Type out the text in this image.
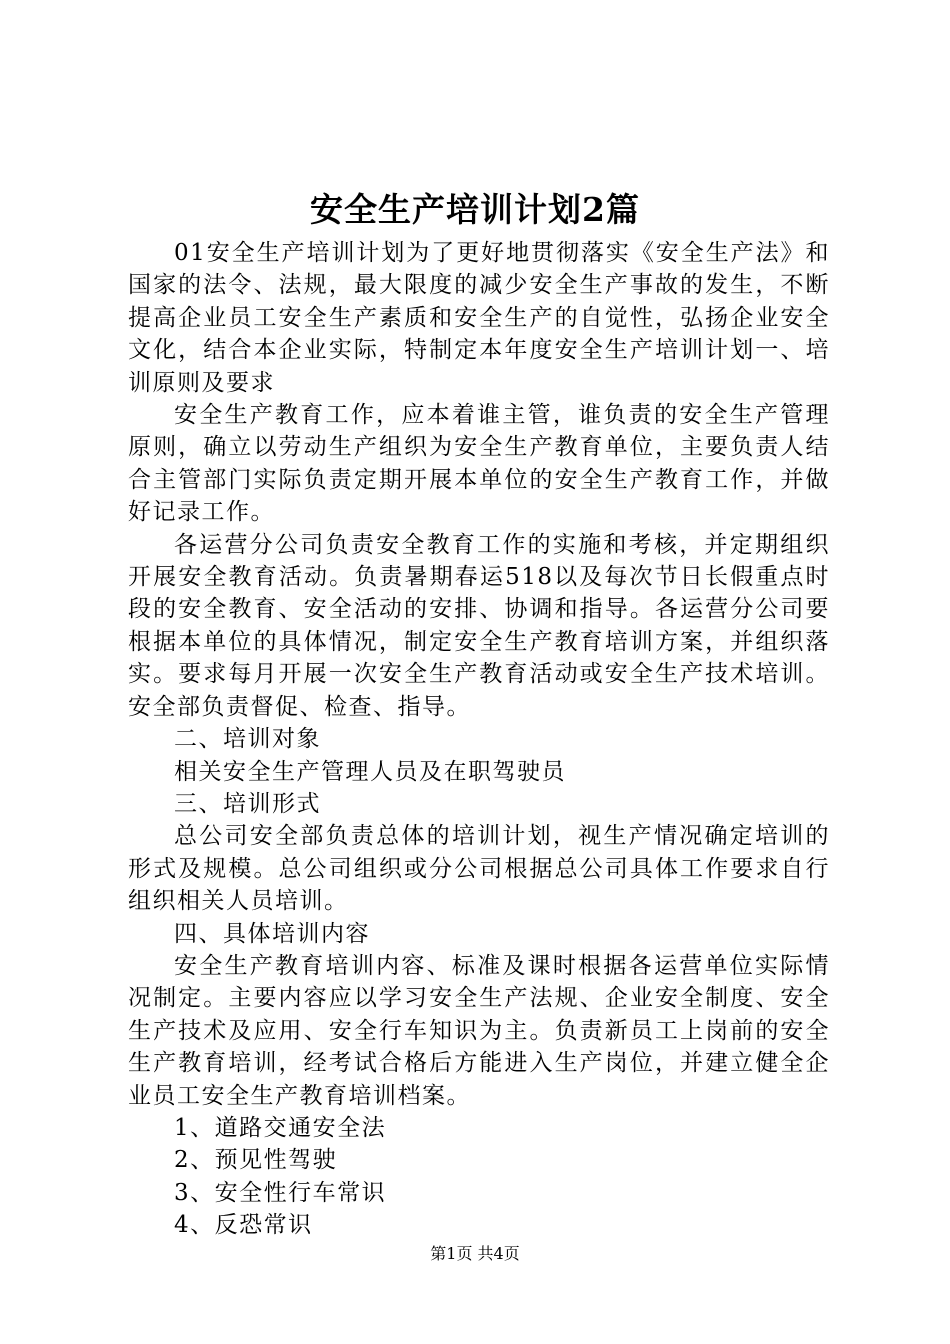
安全生产培训计划2篇

01安全生产培训计划为了更好地贯彻落实《安全生产法》和国家的法令、法规，最大限度的减少安全生产事故的发生，不断提高企业员工安全生产素质和安全生产的自觉性，弘扬企业安全文化，结合本企业实际，特制定本年度安全生产培训计划一、培训原则及要求

安全生产教育工作，应本着谁主管，谁负责的安全生产管理原则，确立以劳动生产组织为安全生产教育单位，主要负责人结合主管部门实际负责定期开展本单位的安全生产教育工作，并做好记录工作。

各运营分公司负责安全教育工作的实施和考核，并定期组织开展安全教育活动。负责暑期春运518以及每次节日长假重点时段的安全教育、安全活动的安排、协调和指导。各运营分公司要根据本单位的具体情况，制定安全生产教育培训方案，并组织落实。要求每月开展一次安全生产教育活动或安全生产技术培训。安全部负责督促、检查、指导。

二、培训对象

相关安全生产管理人员及在职驾驶员

三、培训形式

总公司安全部负责总体的培训计划，视生产情况确定培训的形式及规模。总公司组织或分公司根据总公司具体工作要求自行组织相关人员培训。

四、具体培训内容

安全生产教育培训内容、标准及课时根据各运营单位实际情况制定。主要内容应以学习安全生产法规、企业安全制度、安全生产技术及应用、安全行车知识为主。负责新员工上岗前的安全生产教育培训，经考试合格后方能进入生产岗位，并建立健全企业员工安全生产教育培训档案。

1、道路交通安全法

2、预见性驾驶

3、安全性行车常识

4、反恐常识

第1页 共4页
